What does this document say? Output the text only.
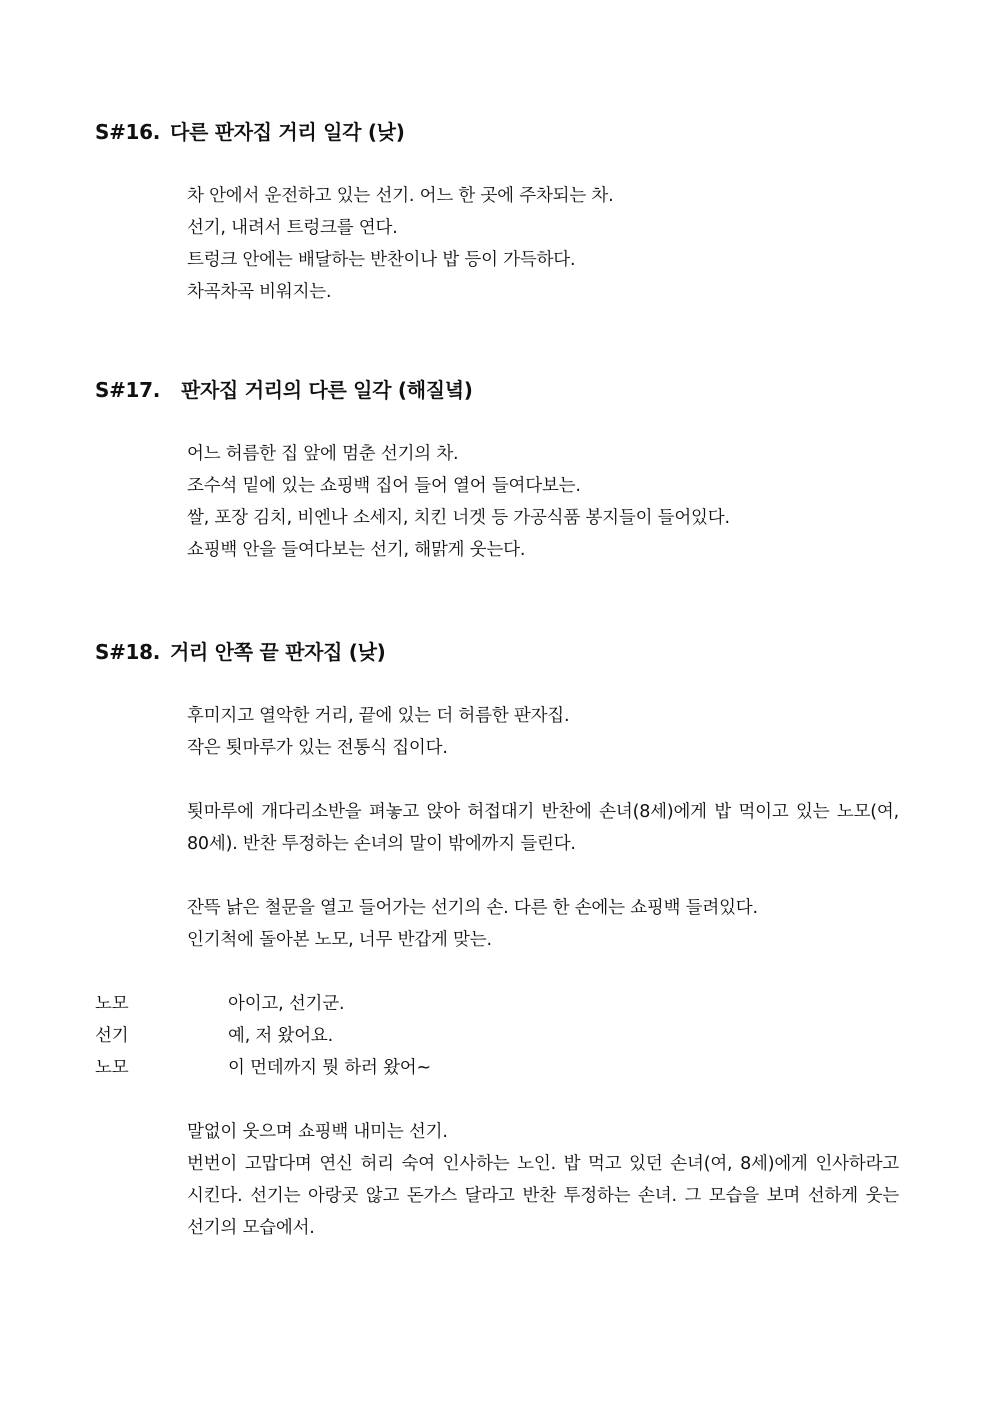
S#16. 다른 판자집 거리 일각 (낮)

차 안에서 운전하고 있는 선기. 어느 한 곳에 주차되는 차.

선기, 내려서 트렁크를 연다.

트렁크 안에는 배달하는 반찬이나 밥 등이 가득하다.

차곡차곡 비워지는.

S#17.	판자집 거리의 다른 일각 (해질녘)

어느 허름한 집 앞에 멈춘 선기의 차.

조수석 밑에 있는 쇼핑백 집어 들어 열어 들여다보는.

쌀, 포장 김치, 비엔나 소세지, 치킨 너겟 등 가공식품 봉지들이 들어있다.

쇼핑백 안을 들여다보는 선기, 해맑게 웃는다.

S#18. 거리 안쪽 끝 판자집 (낮)

후미지고 열악한 거리, 끝에 있는 더 허름한 판자집.

작은 툇마루가 있는 전통식 집이다.

툇마루에 개다리소반을 펴놓고 앉아 허접대기 반찬에 손녀(8세)에게 밥 먹이고 있는 노모(여, 80세). 반찬 투정하는 손녀의 말이 밖에까지 들린다.

잔뜩 낡은 철문을 열고 들어가는 선기의 손. 다른 한 손에는 쇼핑백 들려있다.

인기척에 돌아본 노모, 너무 반갑게 맞는.

노모	아이고, 선기군.
선기	예, 저 왔어요.
노모	이 먼데까지 뭣 하러 왔어~

말없이 웃으며 쇼핑백 내미는 선기.

번번이 고맙다며 연신 허리 숙여 인사하는 노인. 밥 먹고 있던 손녀(여, 8세)에게 인사하라고 시킨다. 선기는 아랑곳 않고 돈가스 달라고 반찬 투정하는 손녀. 그 모습을 보며 선하게 웃는 선기의 모습에서.
